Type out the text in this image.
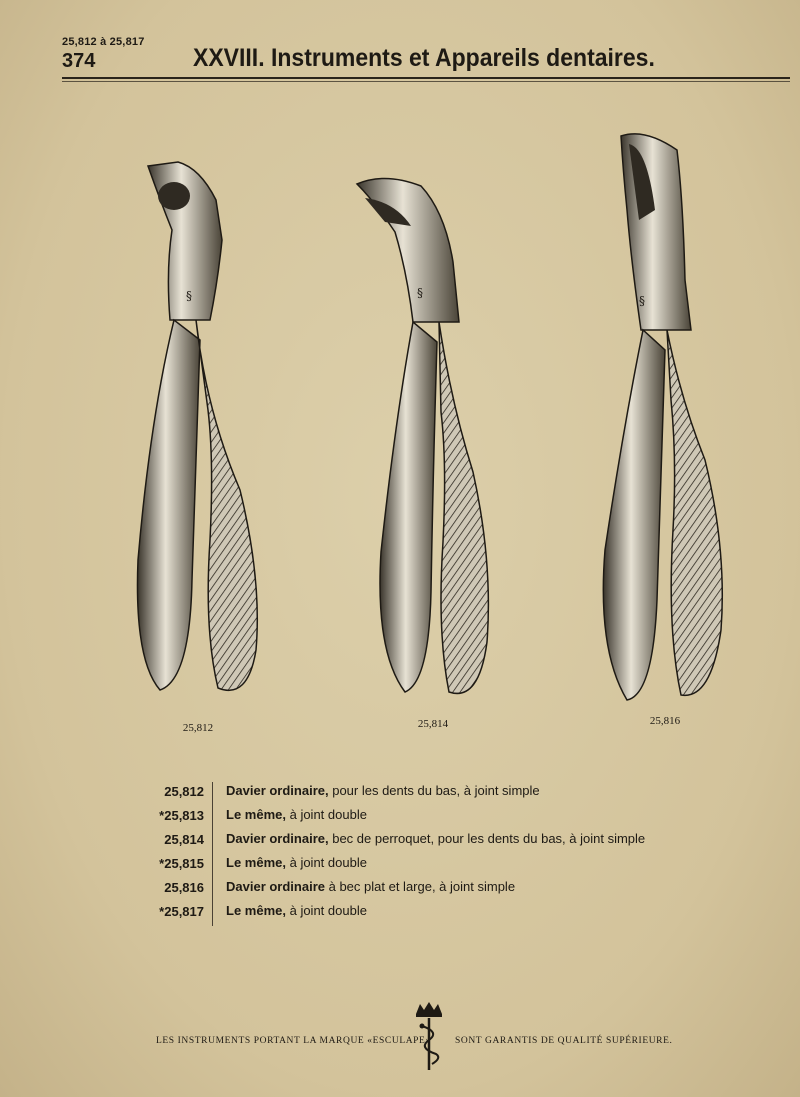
25,812 à 25,817
374	XXVIII. Instruments et Appareils dentaires.
§
25,812
§
25,814
§
25,816
25,812 Davier ordinaire, pour les dents du bas, à joint simple
*25,813 Le même, à joint double
25,814 Davier ordinaire, bec de perroquet, pour les dents du bas, à joint simple
*25,815 Le même, à joint double
25,816 Davier ordinaire à bec plat et large, à joint simple
*25,817 Le même, à joint double
LES INSTRUMENTS PORTANT LA MARQUE «ESCULAPE»	SONT GARANTIS DE QUALITÉ SUPÉRIEURE.
